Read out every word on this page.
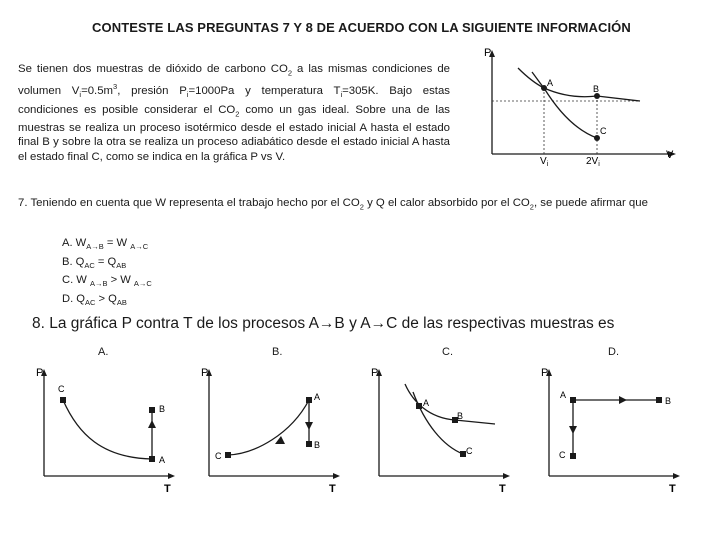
CONTESTE LAS PREGUNTAS 7 Y 8 DE ACUERDO CON LA SIGUIENTE INFORMACIÓN
Se tienen dos muestras de dióxido de carbono $CO_2$ a las mismas condiciones de volumen $V_i=0.5m^3$, presión $P_i=1000Pa$ y temperatura $T_i=305K$. Bajo estas condiciones es posible considerar el $CO_2$ como un gas ideal. Sobre una de las muestras se realiza un proceso isotérmico desde el estado inicial A hasta el estado final B y sobre la otra se realiza un proceso adiabático desde el estado inicial A hasta el estado final C, como se indica en la gráfica P vs V.
P
V
A
B
C
$V_i$	$2V_i$
7. Teniendo en cuenta que W representa el trabajo hecho por el $CO_2$ y Q el calor absorbido por el $CO_2$, se puede afirmar que
A. $W_{A\to B} = W$ $_{A\to C}$
B. $Q_{AC} = Q_{AB}$
C. W $_{A\to B}$ > W $_{A\to C}$
D. $Q_{AC} > Q_{AB}$
8. La gráfica P contra T de los procesos A→B y A→C de las respectivas muestras es
A.
P
T
C
B
A
B.
P
T
A
B
C
C.
P
T
A
B
C
D.
P
T
A
B
C
